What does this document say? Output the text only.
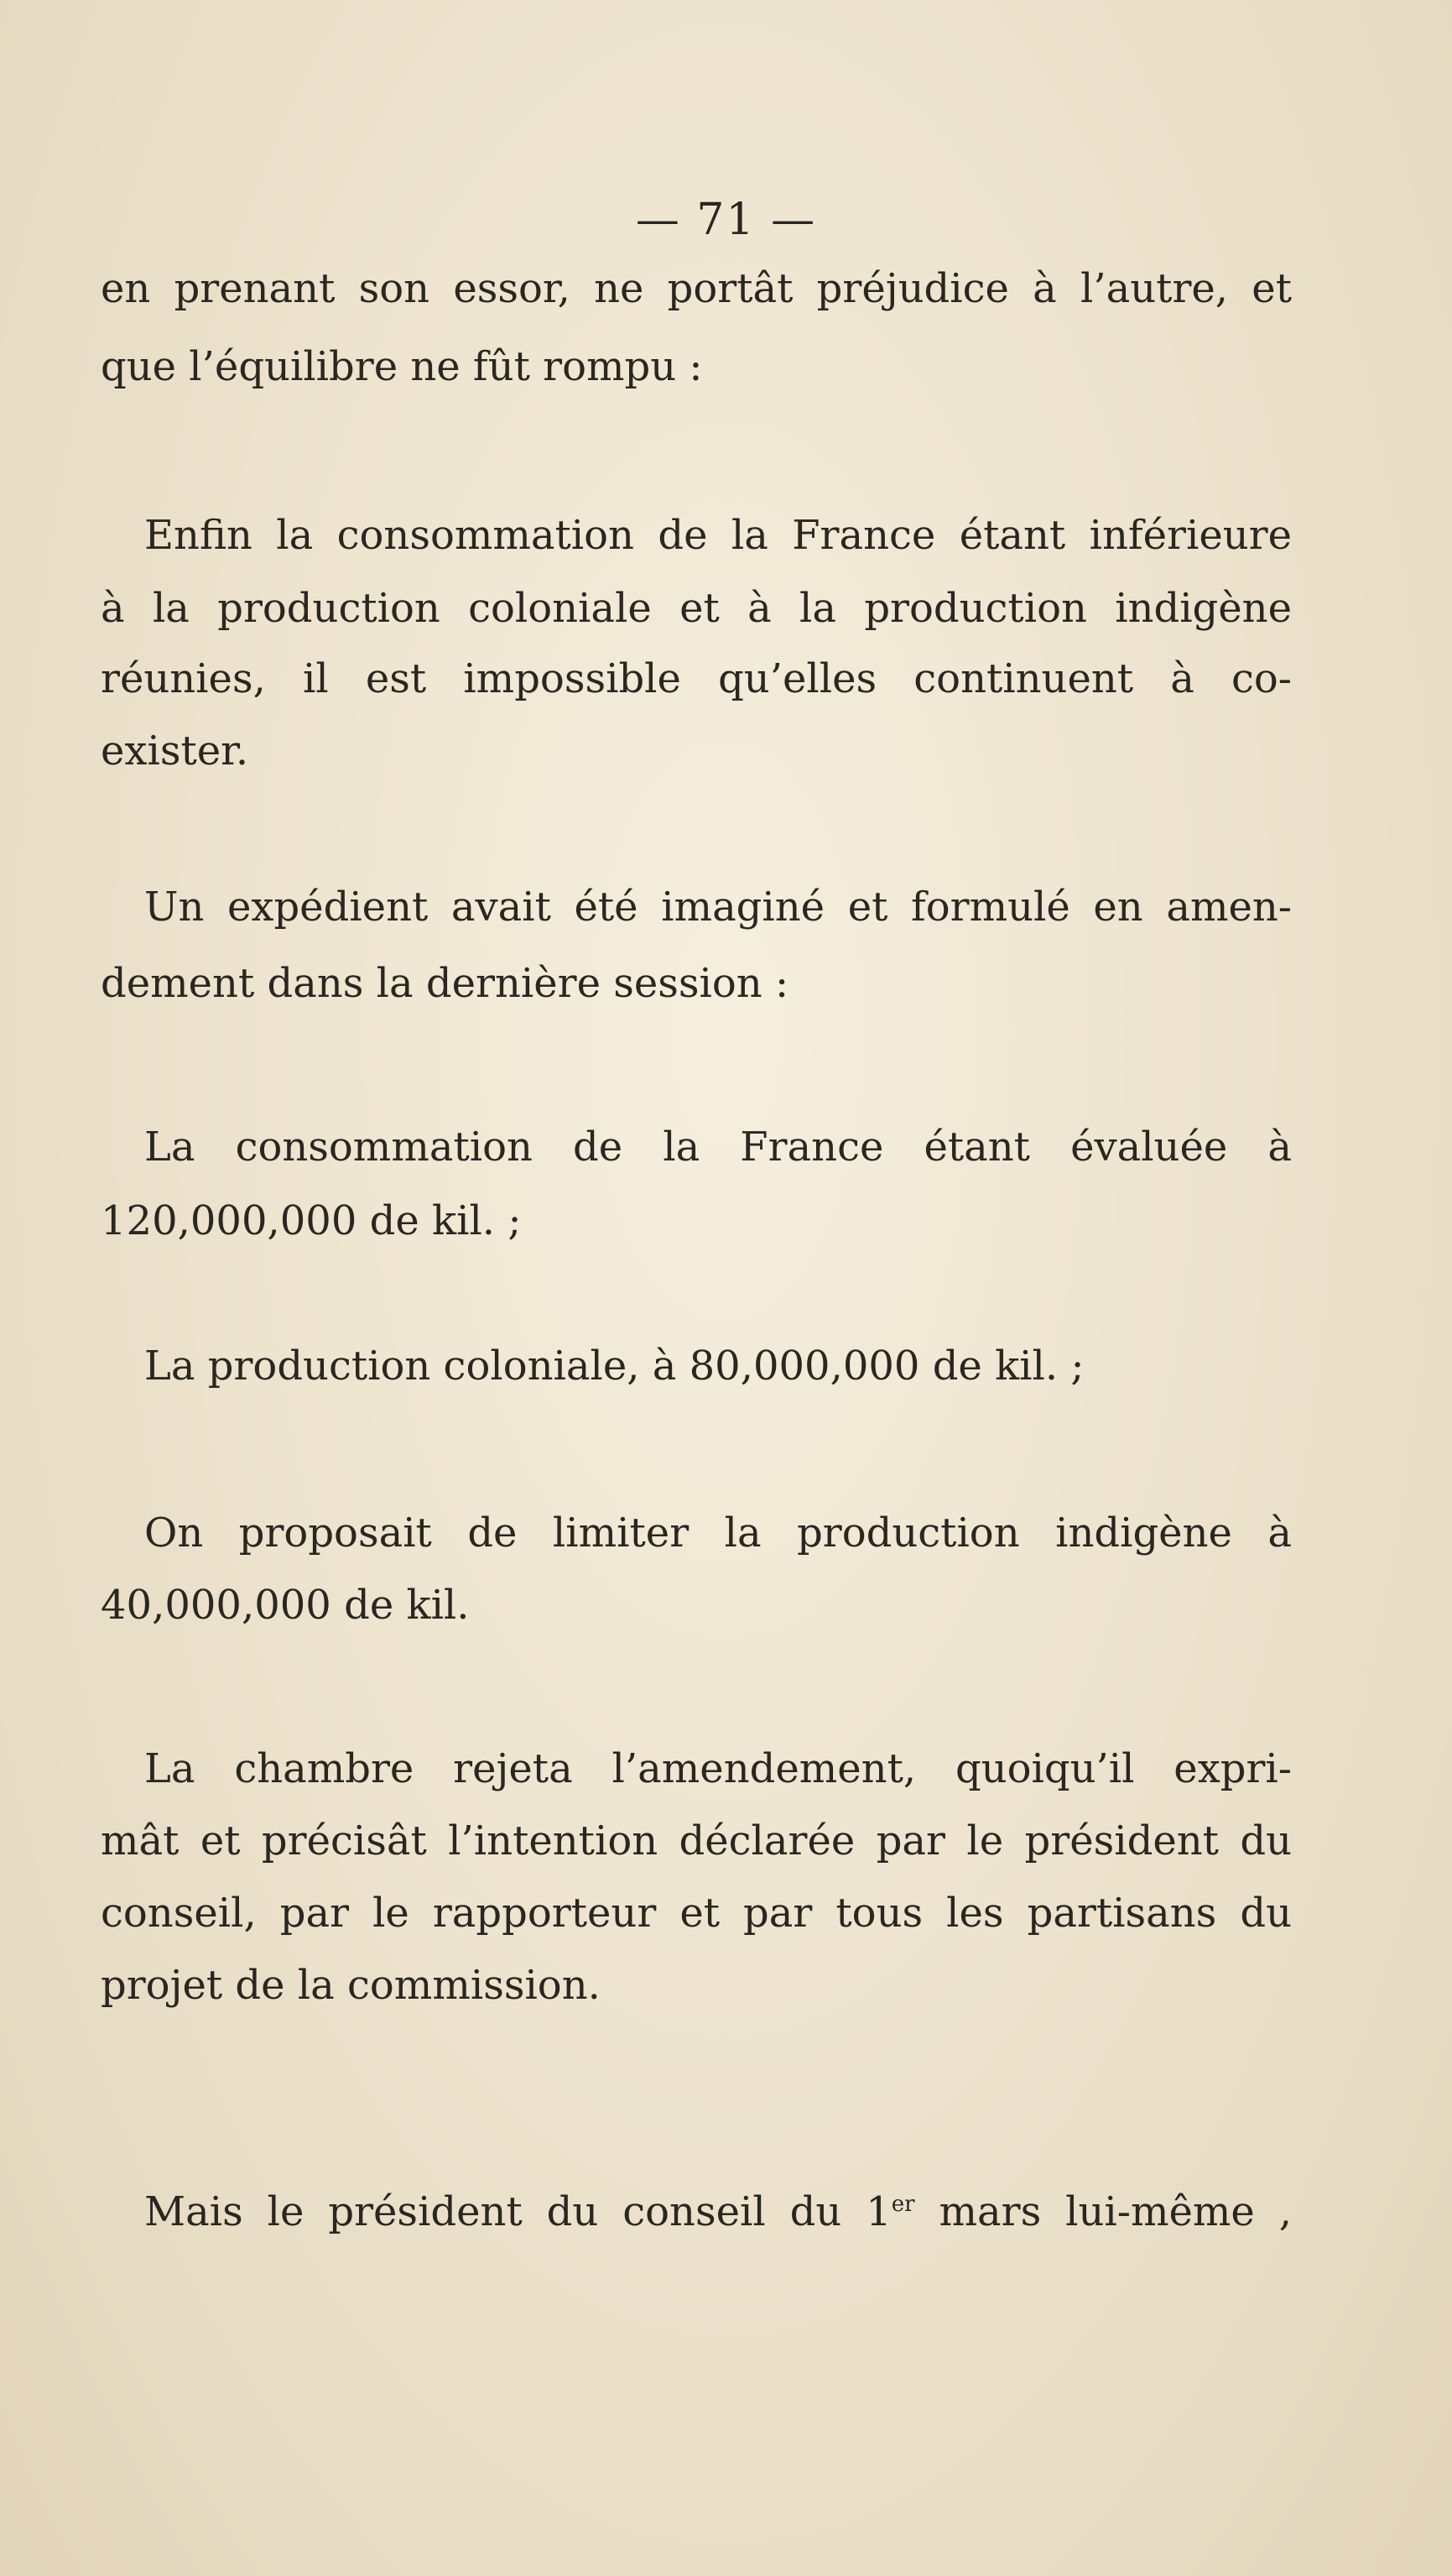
— 71 —

en prenant son essor, ne portât préjudice à l’autre, et

que l’équilibre ne fût rompu :

Enfin la consommation de la France étant inférieure

à la production coloniale et à la production indigène

réunies, il est impossible qu’elles continuent à co-

exister.

Un expédient avait été imaginé et formulé en amen-

dement dans la dernière session :

La consommation de la France étant évaluée à

120,000,000 de kil. ;

La production coloniale, à 80,000,000 de kil. ;

On proposait de limiter la production indigène à

40,000,000 de kil.

La chambre rejeta l’amendement, quoiqu’il expri-

mât et précisât l’intention déclarée par le président du

conseil, par le rapporteur et par tous les partisans du

projet de la commission.

Mais le président du conseil du 1er mars lui-même ,
